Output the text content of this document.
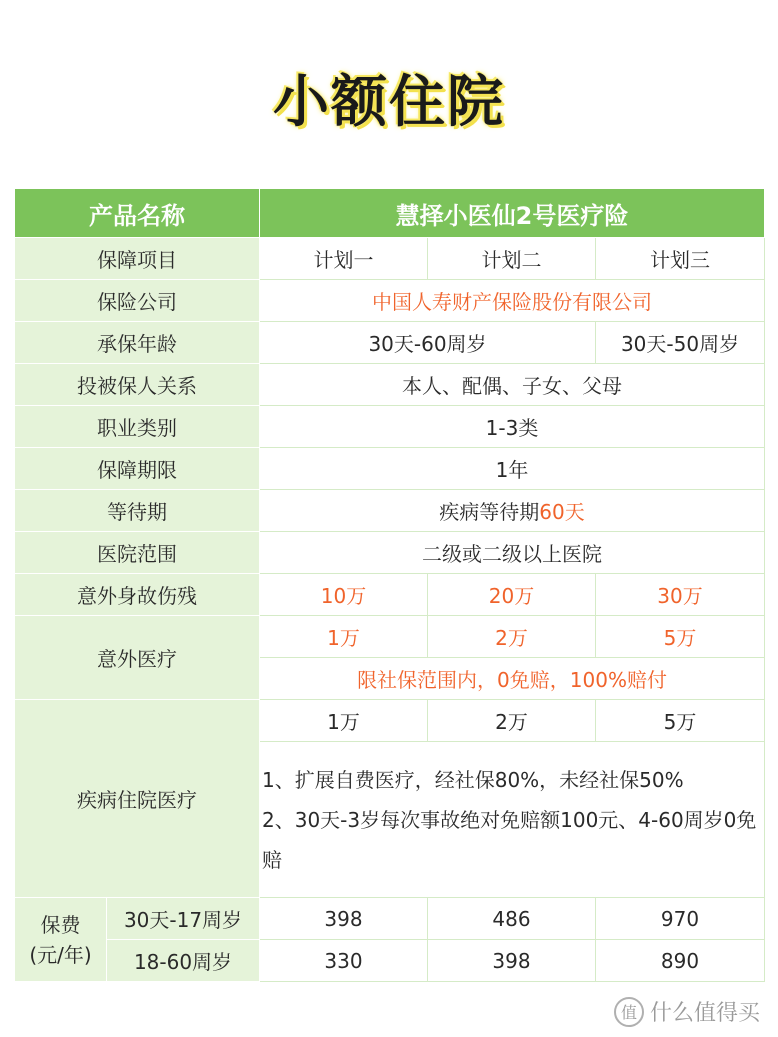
小额住院
产品名称		慧择小医仙2号医疗险		
保障项目		计划一	计划二	计划三
保险公司		中国人寿财产保险股份有限公司		
承保年龄		30天-60周岁		30天-50周岁
投被保人关系		本人、配偶、子女、父母		
职业类别		1-3类		
保障期限		1年		
等待期		疾病等待期60天		
医院范围		二级或二级以上医院		
意外身故伤残		10万	20万	30万
意外医疗		1万	2万	5万
		限社保范围内，0免赔，100%赔付		
疾病住院医疗		1万	2万	5万

		1、扩展自费医疗，经社保80%，未经社保50%
2、30天-3岁每次事故绝对免赔额100元、4-60周岁0免赔		

保费
(元/年)	30天-17周岁	398	486	970
	18-60周岁	330	398	890
值 什么值得买
